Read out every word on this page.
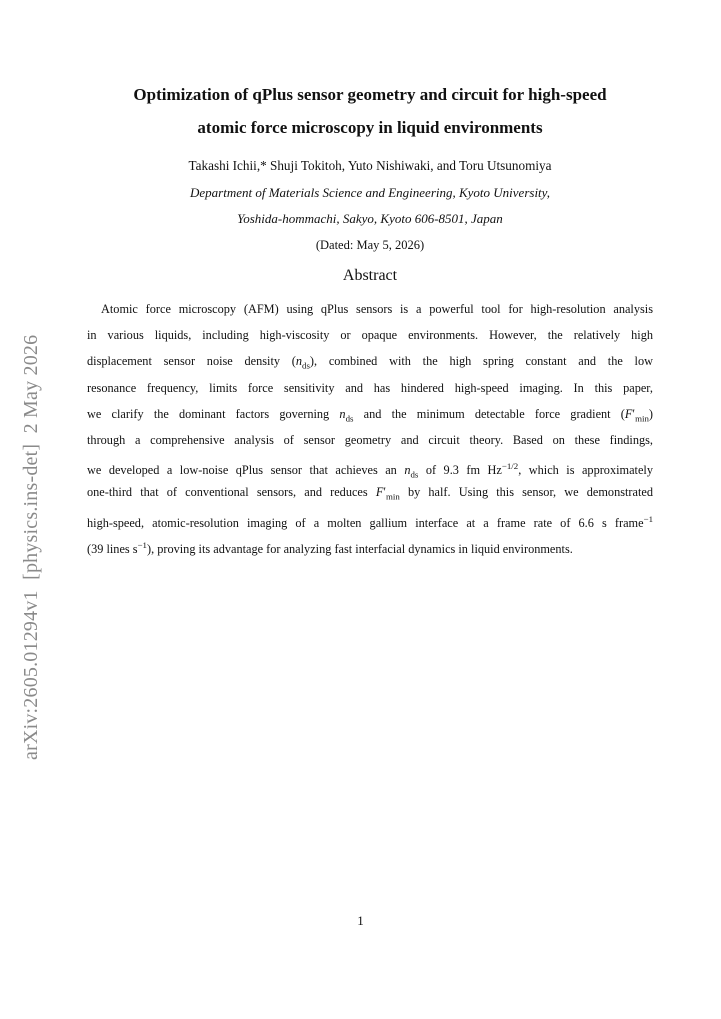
arXiv:2605.01294v1  [physics.ins-det]  2 May 2026
Optimization of qPlus sensor geometry and circuit for high-speed
atomic force microscopy in liquid environments
Takashi Ichii,* Shuji Tokitoh, Yuto Nishiwaki, and Toru Utsunomiya
Department of Materials Science and Engineering, Kyoto University,
Yoshida-hommachi, Sakyo, Kyoto 606-8501, Japan
(Dated: May 5, 2026)
Abstract
Atomic force microscopy (AFM) using qPlus sensors is a powerful tool for high-resolution analysis
in various liquids, including high-viscosity or opaque environments. However, the relatively high
displacement sensor noise density $(n_{ds})$, combined with the high spring constant and the low
resonance frequency, limits force sensitivity and has hindered high-speed imaging. In this paper,
we clarify the dominant factors governing $n_{ds}$ and the minimum detectable force gradient $(F'_{min})$
through a comprehensive analysis of sensor geometry and circuit theory. Based on these findings,
we developed a low-noise qPlus sensor that achieves an $n_{ds}$ of 9.3 fm $Hz^{-1/2}$, which is approximately
one-third that of conventional sensors, and reduces $F'_{min}$ by half. Using this sensor, we demonstrated
high-speed, atomic-resolution imaging of a molten gallium interface at a frame rate of 6.6 s frame$^{-1}$
(39 lines $s^{-1}$), proving its advantage for analyzing fast interfacial dynamics in liquid environments.
1
